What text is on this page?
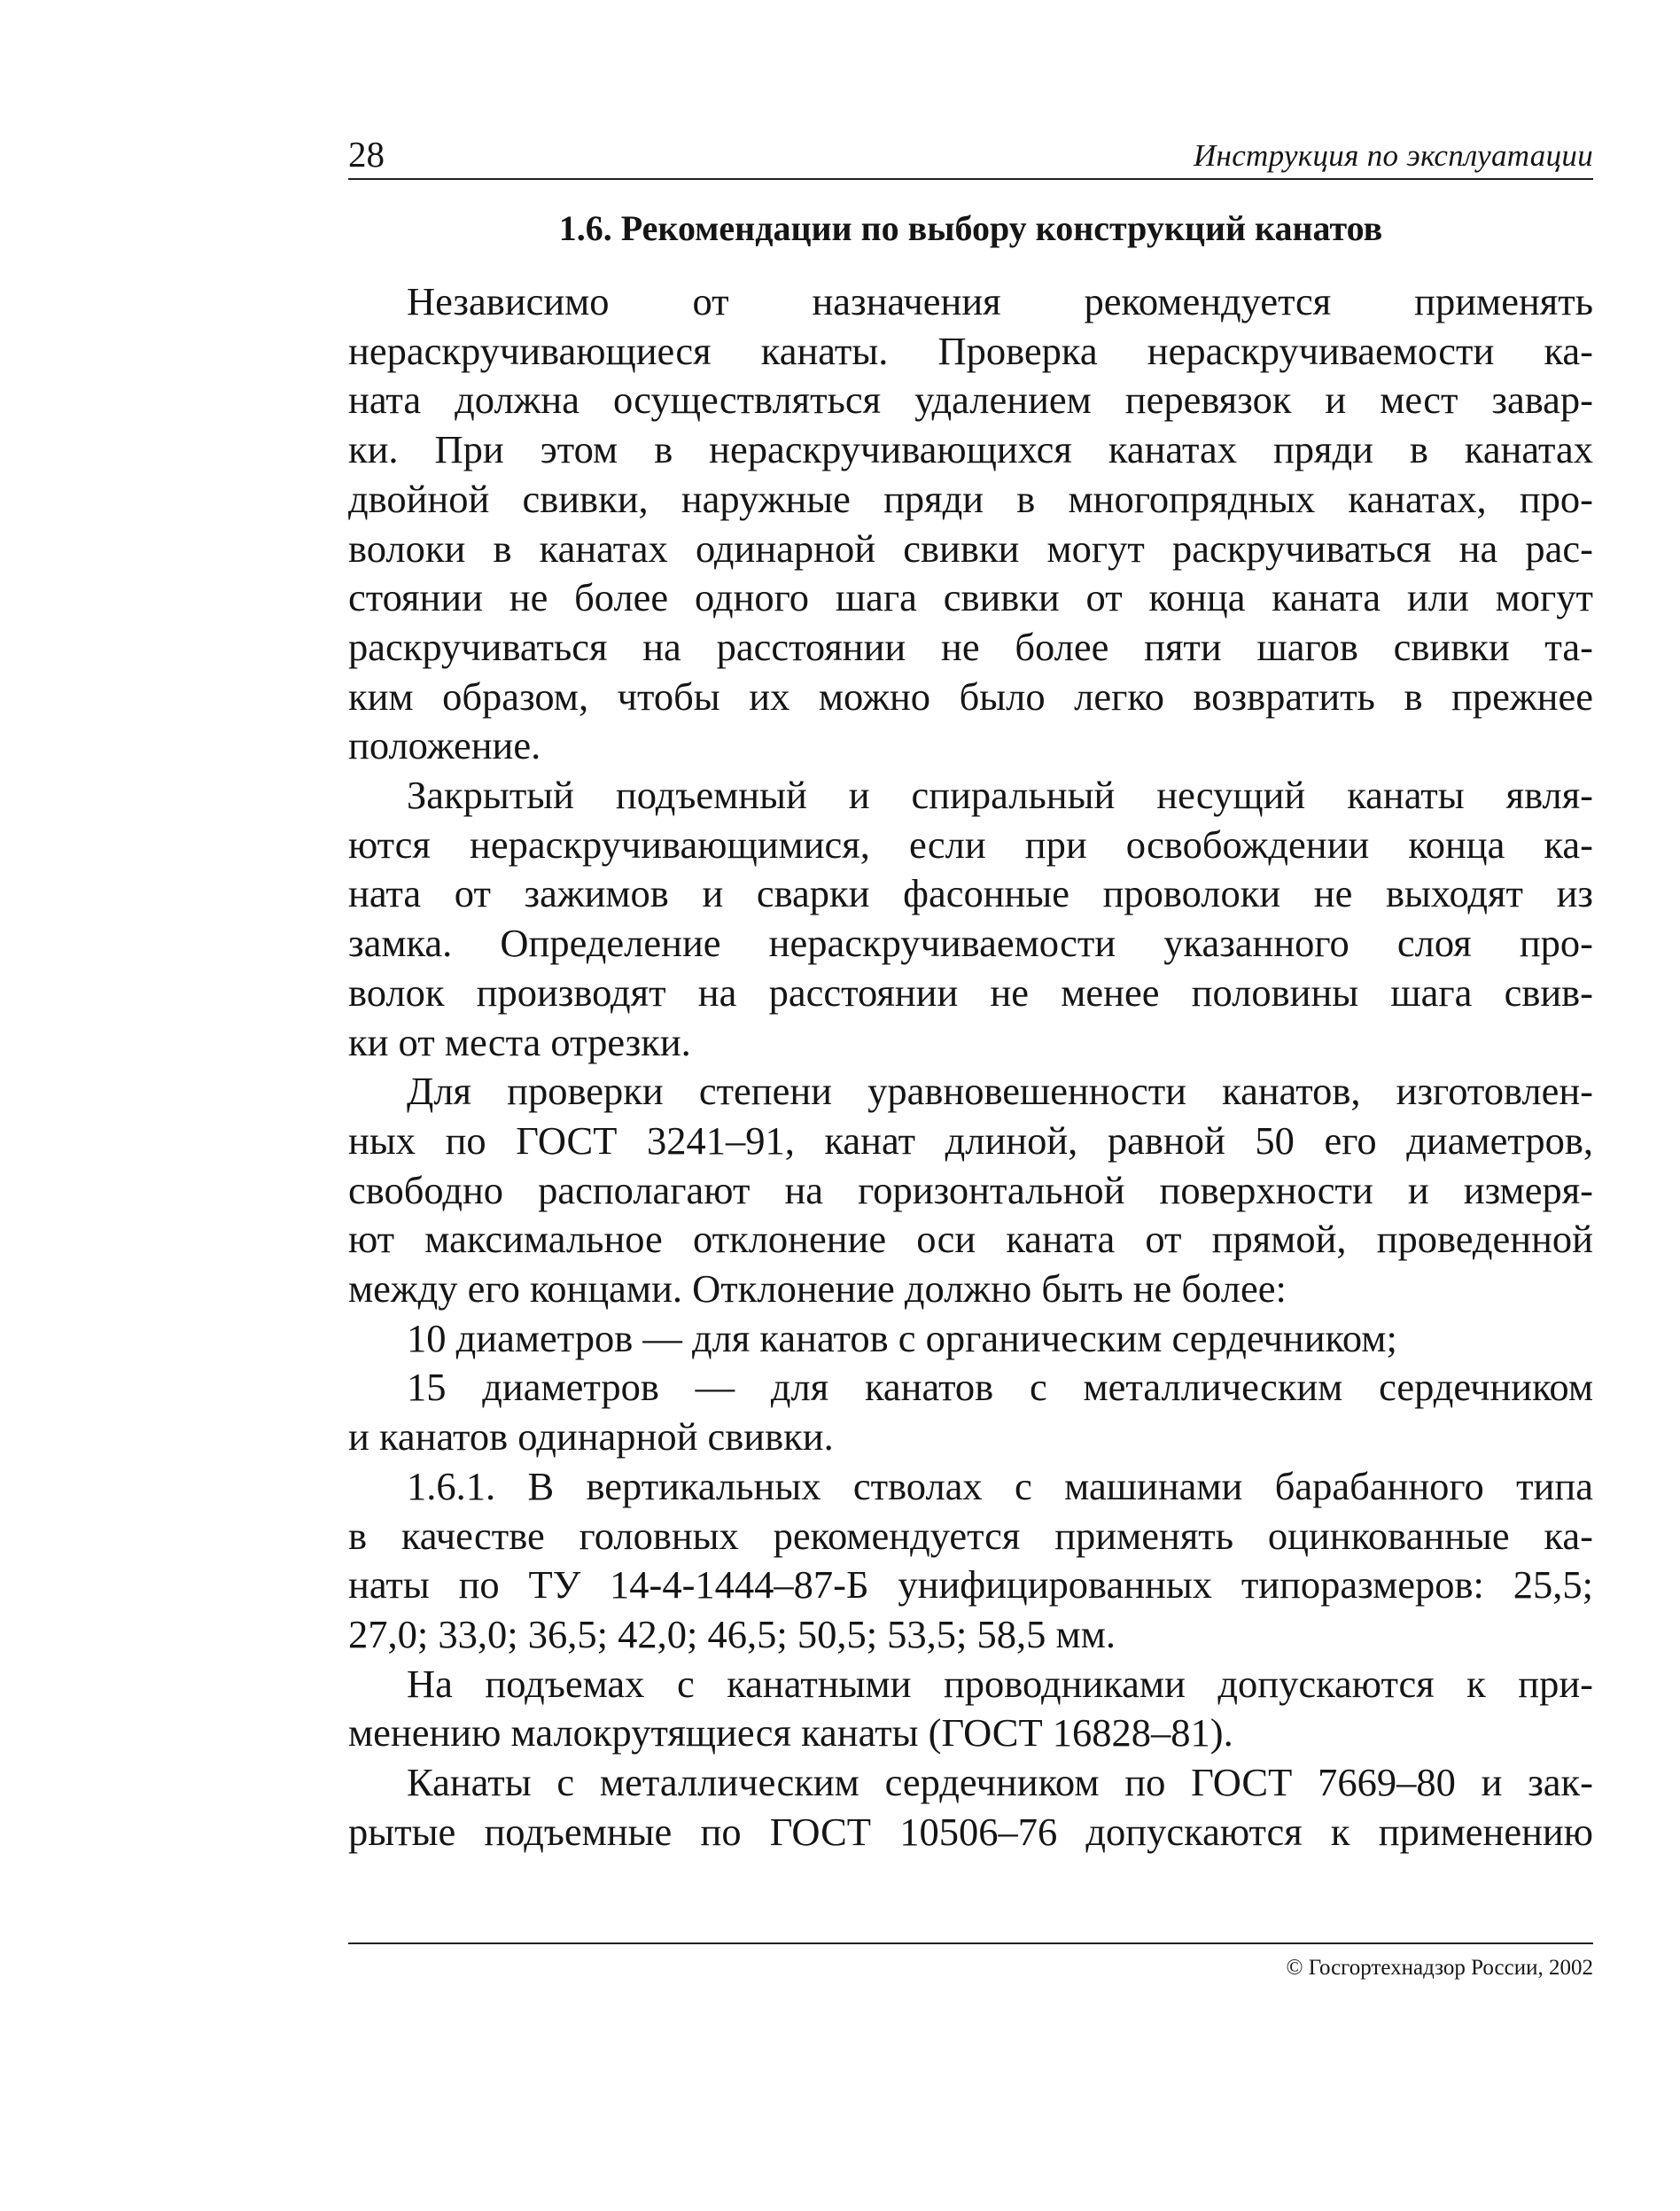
28	Инструкция по эксплуатации
1.6. Рекомендации по выбору конструкций канатов

Независимо от назначения рекомендуется применять
нераскручивающиеся канаты. Проверка нераскручиваемости ка-
ната должна осуществляться удалением перевязок и мест завар-
ки. При этом в нераскручивающихся канатах пряди в канатах
двойной свивки, наружные пряди в многопрядных канатах, про-
волоки в канатах одинарной свивки могут раскручиваться на рас-
стоянии не более одного шага свивки от конца каната или могут
раскручиваться на расстоянии не более пяти шагов свивки та-
ким образом, чтобы их можно было легко возвратить в прежнее
положение.

Закрытый подъемный и спиральный несущий канаты явля-
ются нераскручивающимися, если при освобождении конца ка-
ната от зажимов и сварки фасонные проволоки не выходят из
замка. Определение нераскручиваемости указанного слоя про-
волок производят на расстоянии не менее половины шага свив-
ки от места отрезки.

Для проверки степени уравновешенности канатов, изготовлен-
ных по ГОСТ 3241–91, канат длиной, равной 50 его диаметров,
свободно располагают на горизонтальной поверхности и измеря-
ют максимальное отклонение оси каната от прямой, проведенной
между его концами. Отклонение должно быть не более:

10 диаметров — для канатов с органическим сердечником;

15 диаметров — для канатов с металлическим сердечником
и канатов одинарной свивки.

1.6.1. В вертикальных стволах с машинами барабанного типа
в качестве головных рекомендуется применять оцинкованные ка-
наты по ТУ 14-4-1444–87-Б унифицированных типоразмеров: 25,5;
27,0; 33,0; 36,5; 42,0; 46,5; 50,5; 53,5; 58,5 мм.

На подъемах с канатными проводниками допускаются к при-
менению малокрутящиеся канаты (ГОСТ 16828–81).

Канаты с металлическим сердечником по ГОСТ 7669–80 и зак-
рытые подъемные по ГОСТ 10506–76 допускаются к применению

© Госгортехнадзор России, 2002
